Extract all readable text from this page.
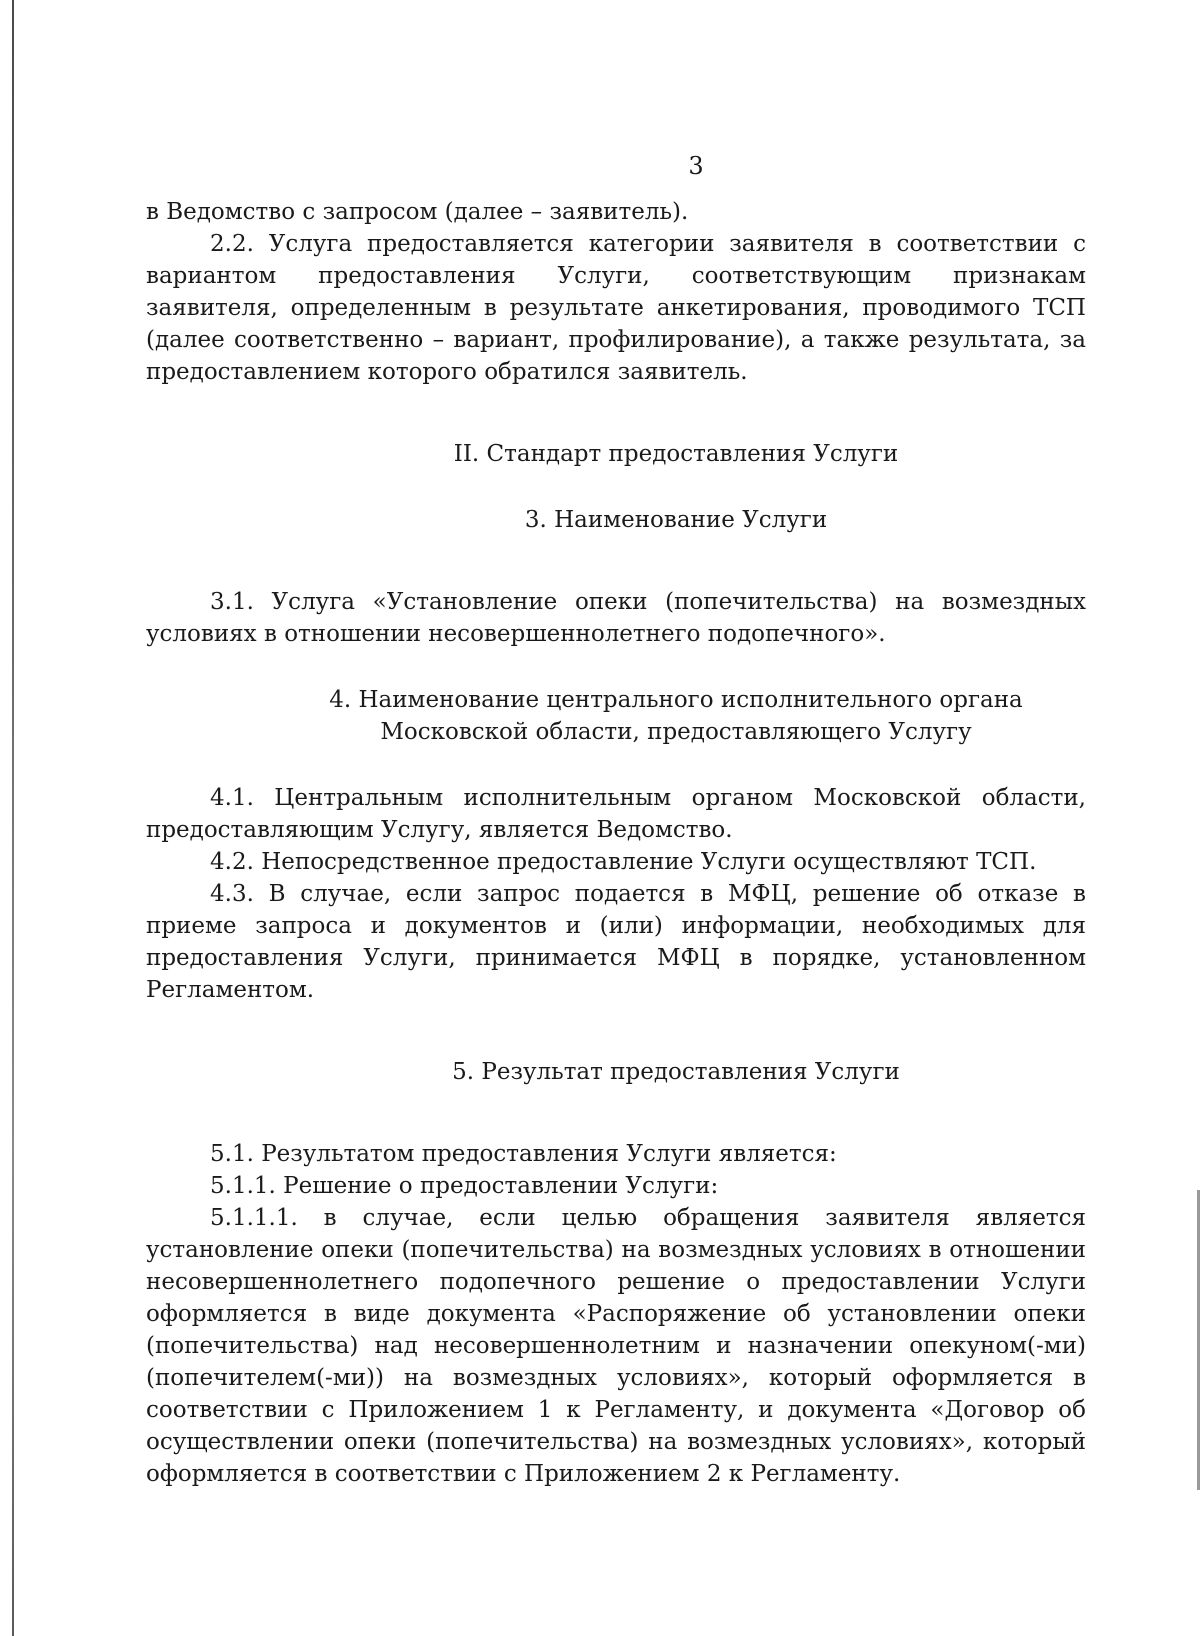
3

в Ведомство с запросом (далее – заявитель).

2.2. Услуга предоставляется категории заявителя в соответствии с вариантом предоставления Услуги, соответствующим признакам заявителя, определенным в результате анкетирования, проводимого ТСП (далее соответственно – вариант, профилирование), а также результата, за предоставлением которого обратился заявитель.

II. Стандарт предоставления Услуги
3. Наименование Услуги

3.1. Услуга «Установление опеки (попечительства) на возмездных условиях в отношении несовершеннолетнего подопечного».

4. Наименование центрального исполнительного органа
Московской области, предоставляющего Услугу

4.1. Центральным исполнительным органом Московской области, предоставляющим Услугу, является Ведомство.

4.2. Непосредственное предоставление Услуги осуществляют ТСП.

4.3. В случае, если запрос подается в МФЦ, решение об отказе в приеме запроса и документов и (или) информации, необходимых для предоставления Услуги, принимается МФЦ в порядке, установленном Регламентом.

5. Результат предоставления Услуги

5.1. Результатом предоставления Услуги является:

5.1.1. Решение о предоставлении Услуги:

5.1.1.1. в случае, если целью обращения заявителя является установление опеки (попечительства) на возмездных условиях в отношении несовершеннолетнего подопечного решение о предоставлении Услуги оформляется в виде документа «Распоряжение об установлении опеки (попечительства) над несовершеннолетним и назначении опекуном(-ми) (попечителем(-ми)) на возмездных условиях», который оформляется в соответствии с Приложением 1 к Регламенту, и документа «Договор об осуществлении опеки (попечительства) на возмездных условиях», который оформляется в соответствии с Приложением 2 к Регламенту.
